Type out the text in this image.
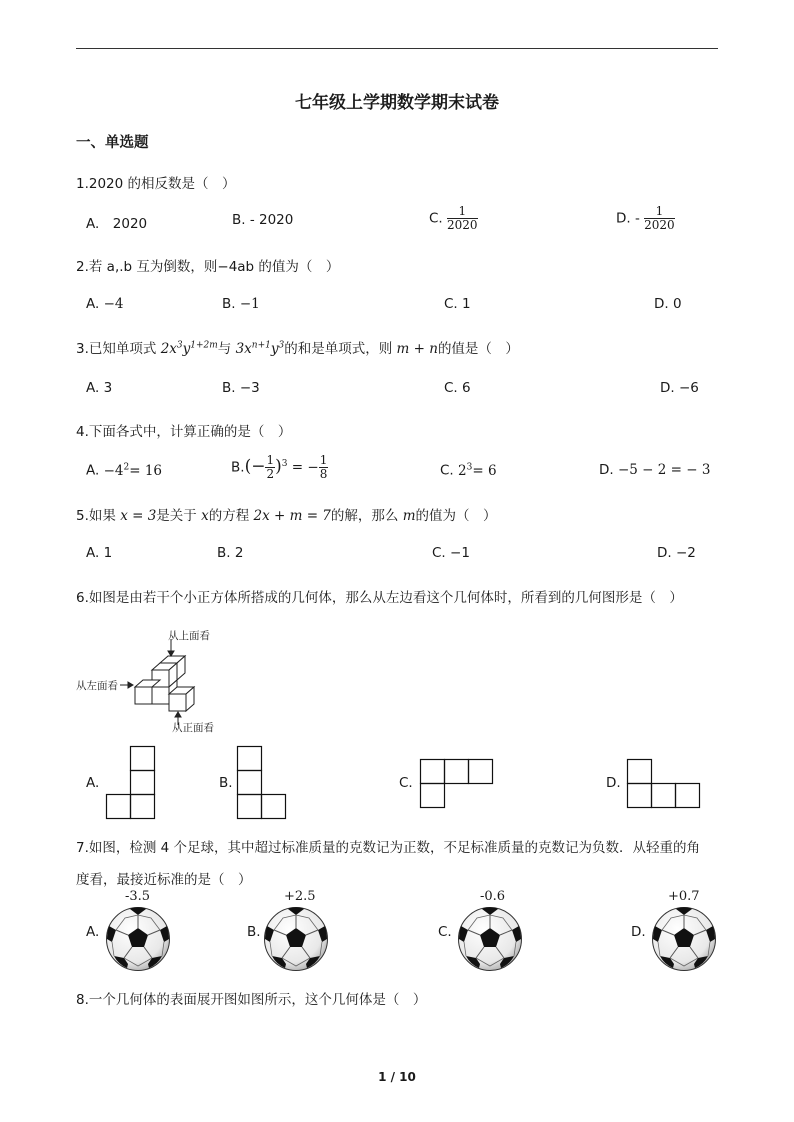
七年级上学期数学期末试卷
一、单选题
1.2020 的相反数是（　）
A.　2020	B. - 2020	C. $\frac{1}{2020}$	D. - $\frac{1}{2020}$
2.若 a,.b 互为倒数，则−4ab 的值为（　）
A. −4	B. −1	C. 1	D. 0
3.已知单项式 $2x^3y^{1+2m}$与 $3x^{n+1}y^3$的和是单项式，则 m + n的值是（　）
A. 3	B. −3	C. 6	D. −6
4.下面各式中，计算正确的是（　）
A. $-4^2= 16$	$B.(- \frac{1}{2} )^3$ = − $\frac{1}{8}$	C. $2^3= 6$	D. −5 − 2 = − 3
5.如果 x = 3是关于 x的方程 2x + m = 7的解，那么 m的值为（　）
A. 1	B. 2	C. −1	D. −2
6.如图是由若干个小正方体所搭成的几何体，那么从左边看这个几何体时，所看到的几何图形是（　）
从上面看
从左面看
从正面看
A.	B.	C.	D.
7.如图，检测 4 个足球，其中超过标准质量的克数记为正数，不足标准质量的克数记为负数．从轻重的角
度看，最接近标准的是（　）
A.
-3.5
B.
+2.5
C.
-0.6
D.
+0.7
8.一个几何体的表面展开图如图所示，这个几何体是（　）
1 / 10
